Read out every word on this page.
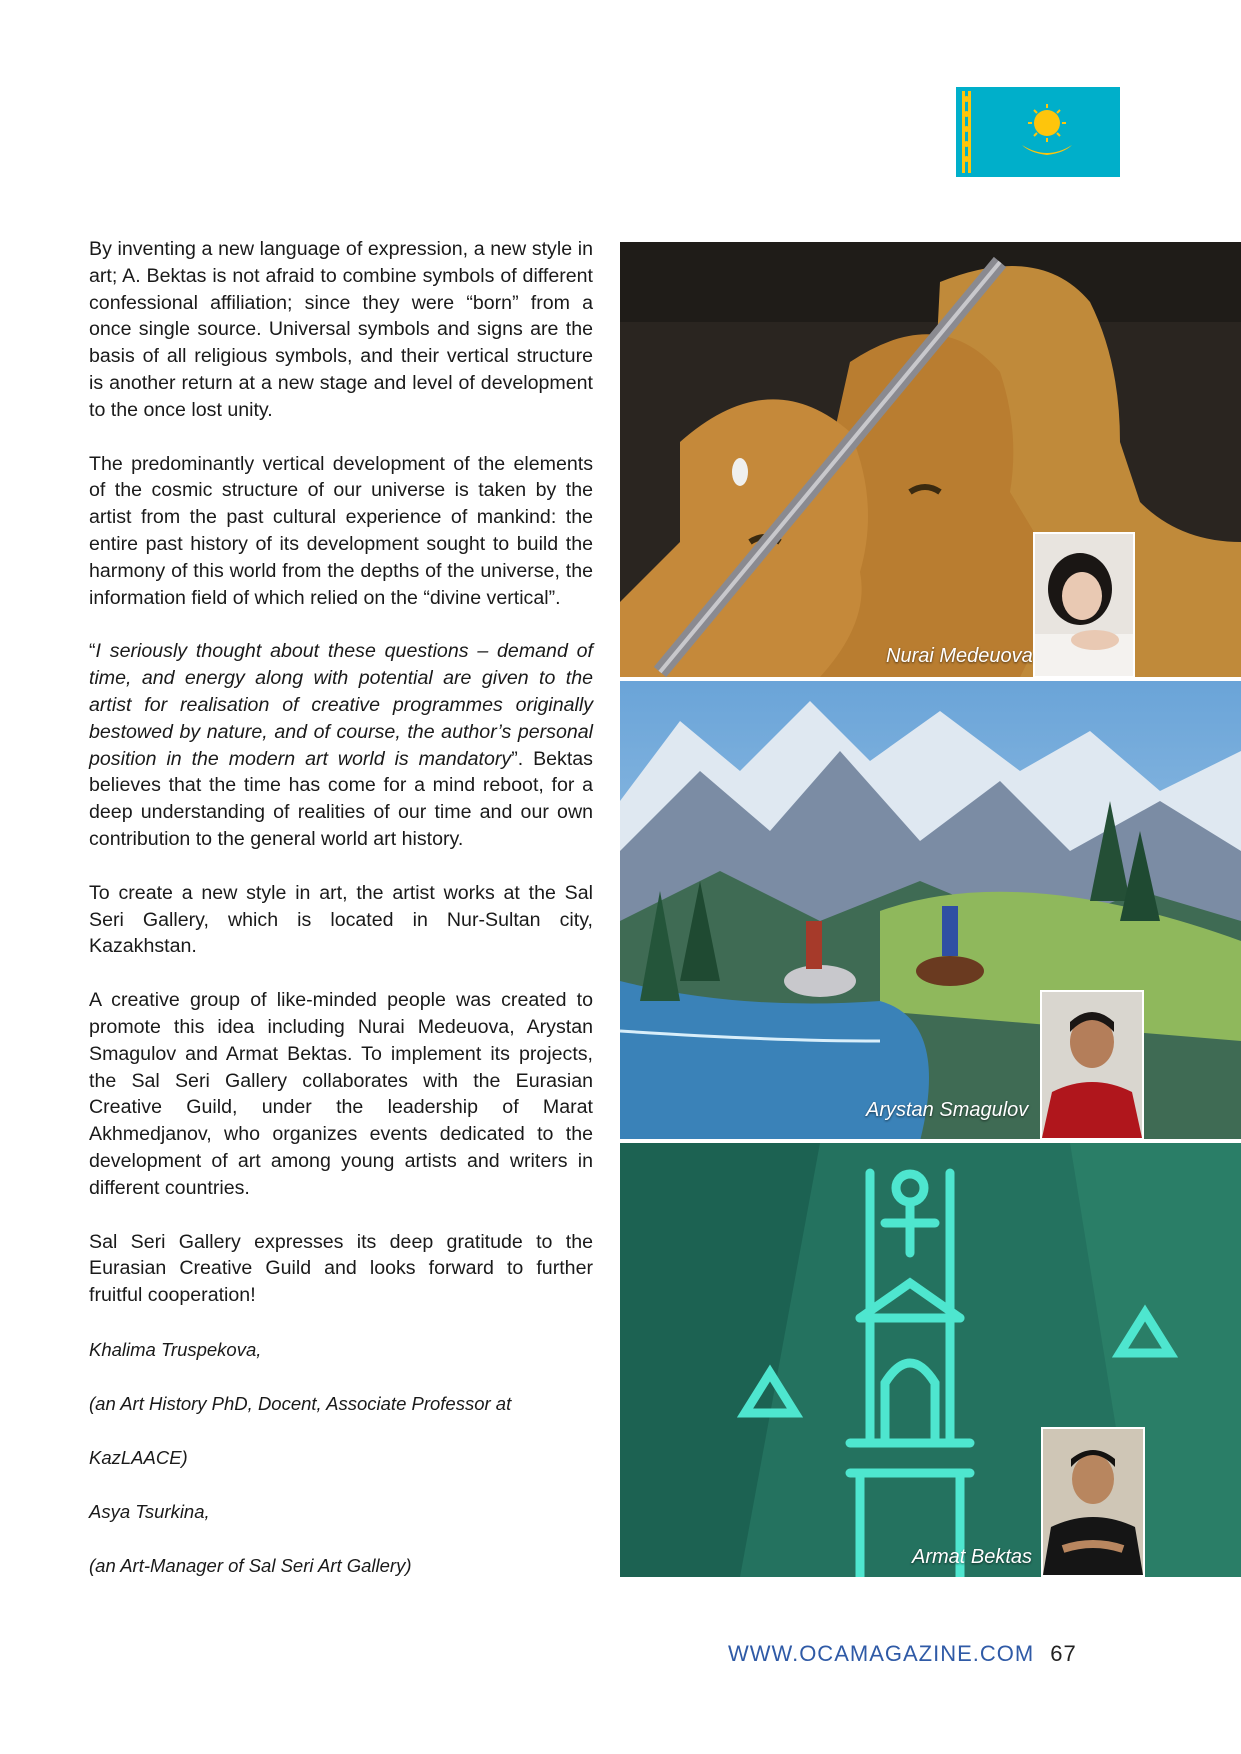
By inventing a new language of expression, a new style in art; A. Bektas is not afraid to combine symbols of different confessional affiliation; since they were “born” from a once single source. Universal symbols and signs are the basis of all religious symbols, and their vertical structure is another return at a new stage and level of development to the once lost unity.

The predominantly vertical development of the elements of the cosmic structure of our universe is taken by the artist from the past cultural experience of mankind: the entire past history of its development sought to build the harmony of this world from the depths of the universe, the information field of which relied on the “divine vertical”.

“I seriously thought about these questions – demand of time, and energy along with potential are given to the artist for realisation of creative programmes originally bestowed by nature, and of course, the author’s personal position in the modern art world is mandatory”. Bektas believes that the time has come for a mind reboot, for a deep understanding of realities of our time and our own contribution to the general world art history.

To create a new style in art, the artist works at the Sal Seri Gallery, which is located in Nur-Sultan city, Kazakhstan.

A creative group of like-minded people was created to promote this idea including Nurai Medeuova, Arystan Smagulov and Armat Bektas. To implement its projects, the Sal Seri Gallery collaborates with the Eurasian Creative Guild, under the leadership of Marat Akhmedjanov, who organizes events dedicated to the development of art among young artists and writers in different countries.

Sal Seri Gallery expresses its deep gratitude to the Eurasian Creative Guild and looks forward to further fruitful cooperation!

Khalima Truspekova,

(an Art History PhD, Docent, Associate Professor at

KazLAACE)

Asya Tsurkina,

(an Art-Manager of Sal Seri Art Gallery)

Nurai Medeuova
Arystan Smagulov
Armat Bektas
WWW.OCAMAGAZINE.COM 67
